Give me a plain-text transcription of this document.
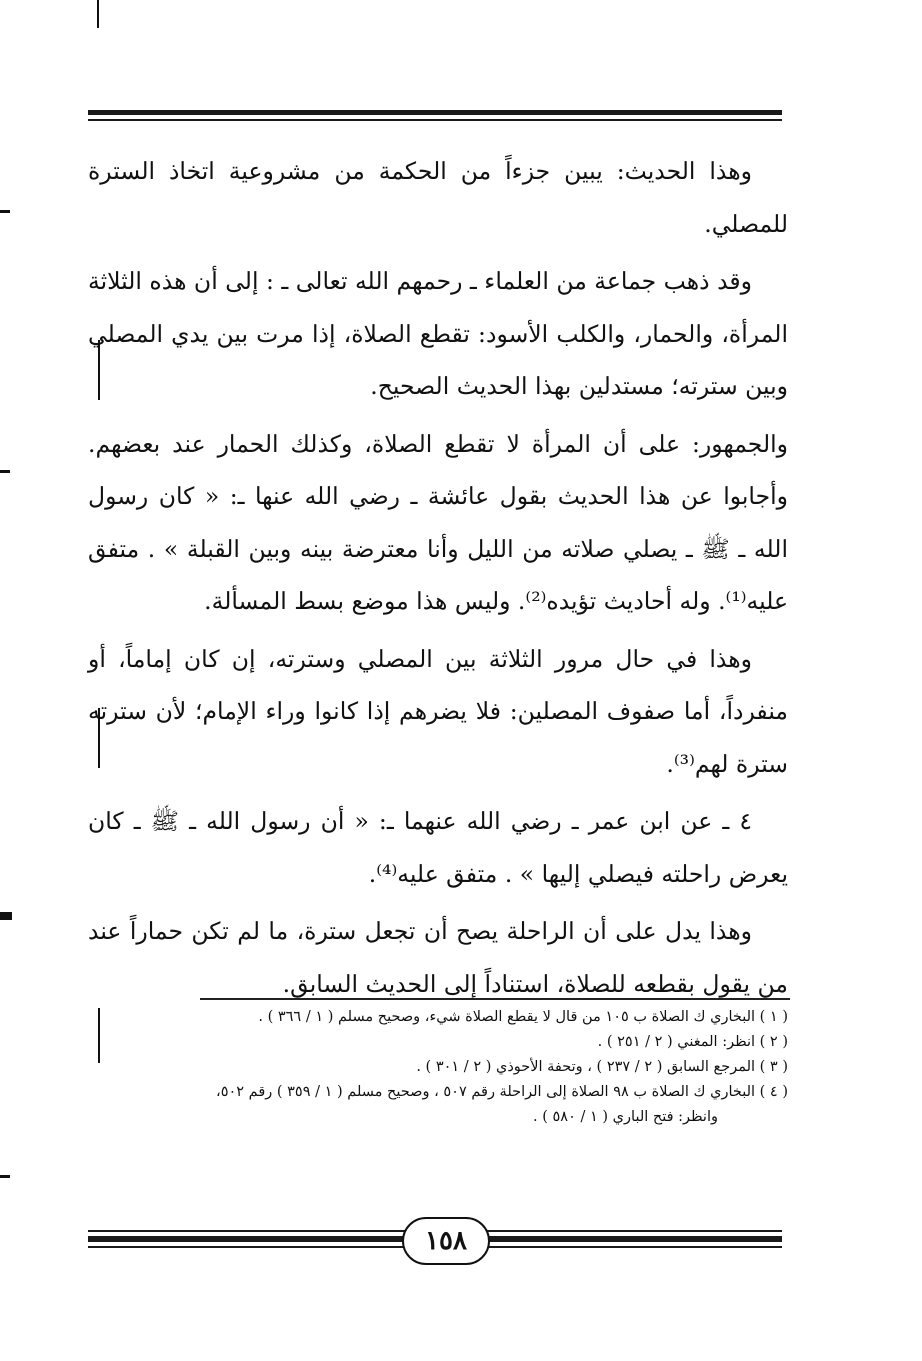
وهذا الحديث: يبين جزءاً من الحكمة من مشروعية اتخاذ السترة للمصلي.

وقد ذهب جماعة من العلماء ـ رحمهم الله تعالى ـ : إلى أن هذه الثلاثة المرأة، والحمار، والكلب الأسود: تقطع الصلاة، إذا مرت بين يدي المصلي وبين سترته؛ مستدلين بهذا الحديث الصحيح.

والجمهور: على أن المرأة لا تقطع الصلاة، وكذلك الحمار عند بعضهم. وأجابوا عن هذا الحديث بقول عائشة ـ رضي الله عنها ـ: « كان رسول الله ـ ﷺ ـ يصلي صلاته من الليل وأنا معترضة بينه وبين القبلة » . متفق عليه⁽¹⁾. وله أحاديث تؤيده⁽²⁾. وليس هذا موضع بسط المسألة.

وهذا في حال مرور الثلاثة بين المصلي وسترته، إن كان إماماً، أو منفرداً، أما صفوف المصلين: فلا يضرهم إذا كانوا وراء الإمام؛ لأن سترته سترة لهم⁽³⁾.

٤ ـ عن ابن عمر ـ رضي الله عنهما ـ: « أن رسول الله ـ ﷺ ـ كان يعرض راحلته فيصلي إليها » . متفق عليه⁽⁴⁾.

وهذا يدل على أن الراحلة يصح أن تجعل سترة، ما لم تكن حماراً عند من يقول بقطعه للصلاة، استناداً إلى الحديث السابق.

( ١ ) البخاري ك الصلاة ب ١٠٥ من قال لا يقطع الصلاة شيء، وصحيح مسلم ( ١ / ٣٦٦ ) .
( ٢ ) انظر: المغني ( ٢ / ٢٥١ ) .
( ٣ ) المرجع السابق ( ٢ / ٢٣٧ ) ، وتحفة الأحوذي ( ٢ / ٣٠١ ) .
( ٤ ) البخاري ك الصلاة ب ٩٨ الصلاة إلى الراحلة رقم ٥٠٧ ، وصحيح مسلم ( ١ / ٣٥٩ ) رقم ٥٠٢،
وانظر: فتح الباري ( ١ / ٥٨٠ ) .
١٥٨
